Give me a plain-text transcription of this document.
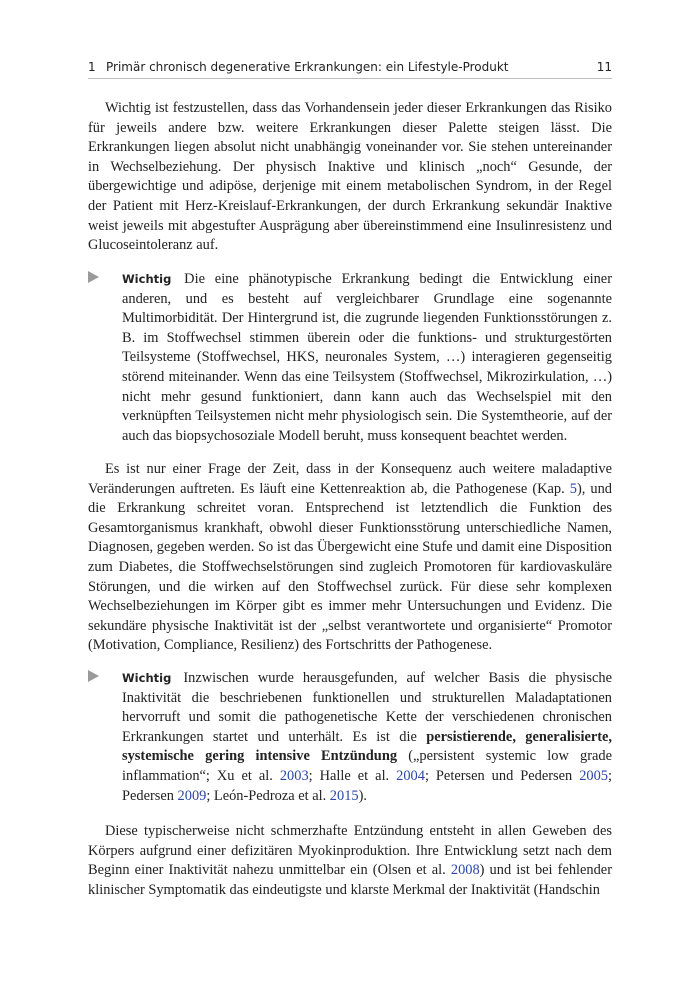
1 Primär chronisch degenerative Erkrankungen: ein Lifestyle-Produkt	11

Wichtig ist festzustellen, dass das Vorhandensein jeder dieser Erkrankungen das Risiko für jeweils andere bzw. weitere Erkrankungen dieser Palette steigen lässt. Die Erkrankungen liegen absolut nicht unabhängig voneinander vor. Sie stehen untereinander in Wechselbeziehung. Der physisch Inaktive und klinisch „noch“ Gesunde, der übergewichtige und adipöse, derjenige mit einem metabolischen Syndrom, in der Regel der Patient mit Herz-Kreislauf-Erkrankungen, der durch Erkrankung sekundär Inaktive weist jeweils mit abgestufter Ausprägung aber übereinstimmend eine Insulinresistenz und Glucoseintoleranz auf.

Wichtig Die eine phänotypische Erkrankung bedingt die Entwicklung einer anderen, und es besteht auf vergleichbarer Grundlage eine sogenannte Multimorbidität. Der Hintergrund ist, die zugrunde liegenden Funktionsstörungen z. B. im Stoffwechsel stimmen überein oder die funktions- und strukturgestörten Teilsysteme (Stoffwechsel, HKS, neuronales System, …) interagieren gegenseitig störend miteinander. Wenn das eine Teilsystem (Stoffwechsel, Mikrozirkulation, …) nicht mehr gesund funktioniert, dann kann auch das Wechselspiel mit den verknüpften Teilsystemen nicht mehr physiologisch sein. Die Systemtheorie, auf der auch das biopsychosoziale Modell beruht, muss konsequent beachtet werden.

Es ist nur einer Frage der Zeit, dass in der Konsequenz auch weitere maladaptive Veränderungen auftreten. Es läuft eine Kettenreaktion ab, die Pathogenese (Kap. 5), und die Erkrankung schreitet voran. Entsprechend ist letztendlich die Funktion des Gesamtorganismus krankhaft, obwohl dieser Funktionsstörung unterschiedliche Namen, Diagnosen, gegeben werden. So ist das Übergewicht eine Stufe und damit eine Disposition zum Diabetes, die Stoffwechselstörungen sind zugleich Promotoren für kardiovaskuläre Störungen, und die wirken auf den Stoffwechsel zurück. Für diese sehr komplexen Wechselbeziehungen im Körper gibt es immer mehr Untersuchungen und Evidenz. Die sekundäre physische Inaktivität ist der „selbst verantwortete und organisierte“ Promotor (Motivation, Compliance, Resilienz) des Fortschritts der Pathogenese.

Wichtig Inzwischen wurde herausgefunden, auf welcher Basis die physische Inaktivität die beschriebenen funktionellen und strukturellen Maladaptationen hervorruft und somit die pathogenetische Kette der verschiedenen chronischen Erkrankungen startet und unterhält. Es ist die persistierende, generalisierte, systemische gering intensive Entzündung („persistent systemic low grade inflammation“; Xu et al. 2003; Halle et al. 2004; Petersen und Pedersen 2005; Pedersen 2009; León-Pedroza et al. 2015).

Diese typischerweise nicht schmerzhafte Entzündung entsteht in allen Geweben des Körpers aufgrund einer defizitären Myokinproduktion. Ihre Entwicklung setzt nach dem Beginn einer Inaktivität nahezu unmittelbar ein (Olsen et al. 2008) und ist bei fehlender klinischer Symptomatik das eindeutigste und klarste Merkmal der Inaktivität (Handschin
